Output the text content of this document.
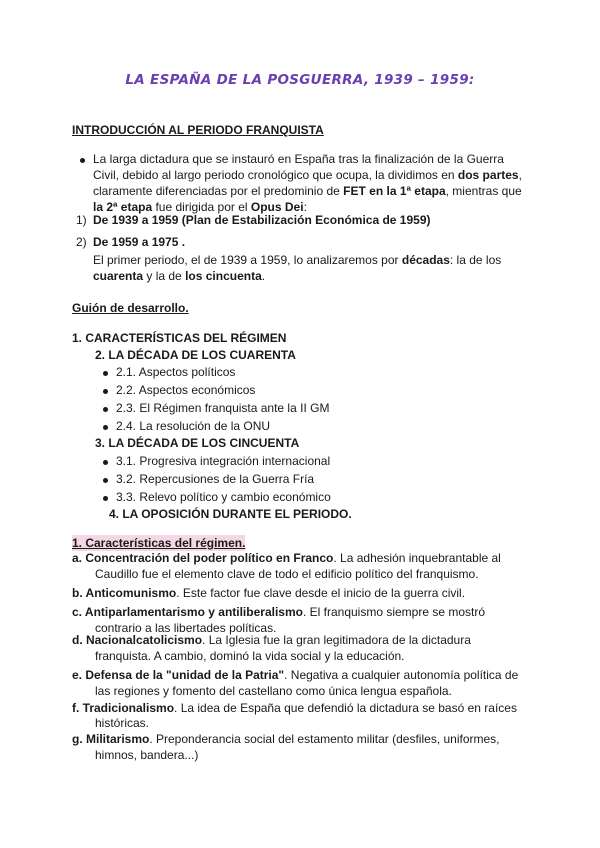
LA ESPAÑA DE LA POSGUERRA, 1939 – 1959:
INTRODUCCIÓN AL PERIODO FRANQUISTA
La larga dictadura que se instauró en España tras la finalización de la Guerra
Civil, debido al largo periodo cronológico que ocupa, la dividimos en dos partes,
claramente diferenciadas por el predominio de FET en la 1ª etapa, mientras que
la 2ª etapa fue dirigida por el Opus Dei:
1) De 1939 a 1959 (Plan de Estabilización Económica de 1959)
2) De 1959 a 1975 .
El primer periodo, el de 1939 a 1959, lo analizaremos por décadas: la de los
cuarenta y la de los cincuenta.
Guión de desarrollo.
1. CARACTERÍSTICAS DEL RÉGIMEN
2. LA DÉCADA DE LOS CUARENTA
2.1. Aspectos políticos
2.2. Aspectos económicos
2.3. El Régimen franquista ante la II GM
2.4. La resolución de la ONU
3. LA DÉCADA DE LOS CINCUENTA
3.1. Progresiva integración internacional
3.2. Repercusiones de la Guerra Fría
3.3. Relevo político y cambio económico
4. LA OPOSICIÓN DURANTE EL PERIODO.
1. Características del régimen.
a. Concentración del poder político en Franco. La adhesión inquebrantable al
Caudillo fue el elemento clave de todo el edificio político del franquismo.
b. Anticomunismo. Este factor fue clave desde el inicio de la guerra civil.
c. Antiparlamentarismo y antiliberalismo. El franquismo siempre se mostró
contrario a las libertades políticas.
d. Nacionalcatolicismo. La Iglesia fue la gran legitimadora de la dictadura
franquista. A cambio, dominó la vida social y la educación.
e. Defensa de la "unidad de la Patria". Negativa a cualquier autonomía política de
las regiones y fomento del castellano como única lengua española.
f. Tradicionalismo. La idea de España que defendió la dictadura se basó en raíces
históricas.
g. Militarismo. Preponderancia social del estamento militar (desfiles, uniformes,
himnos, bandera...)
